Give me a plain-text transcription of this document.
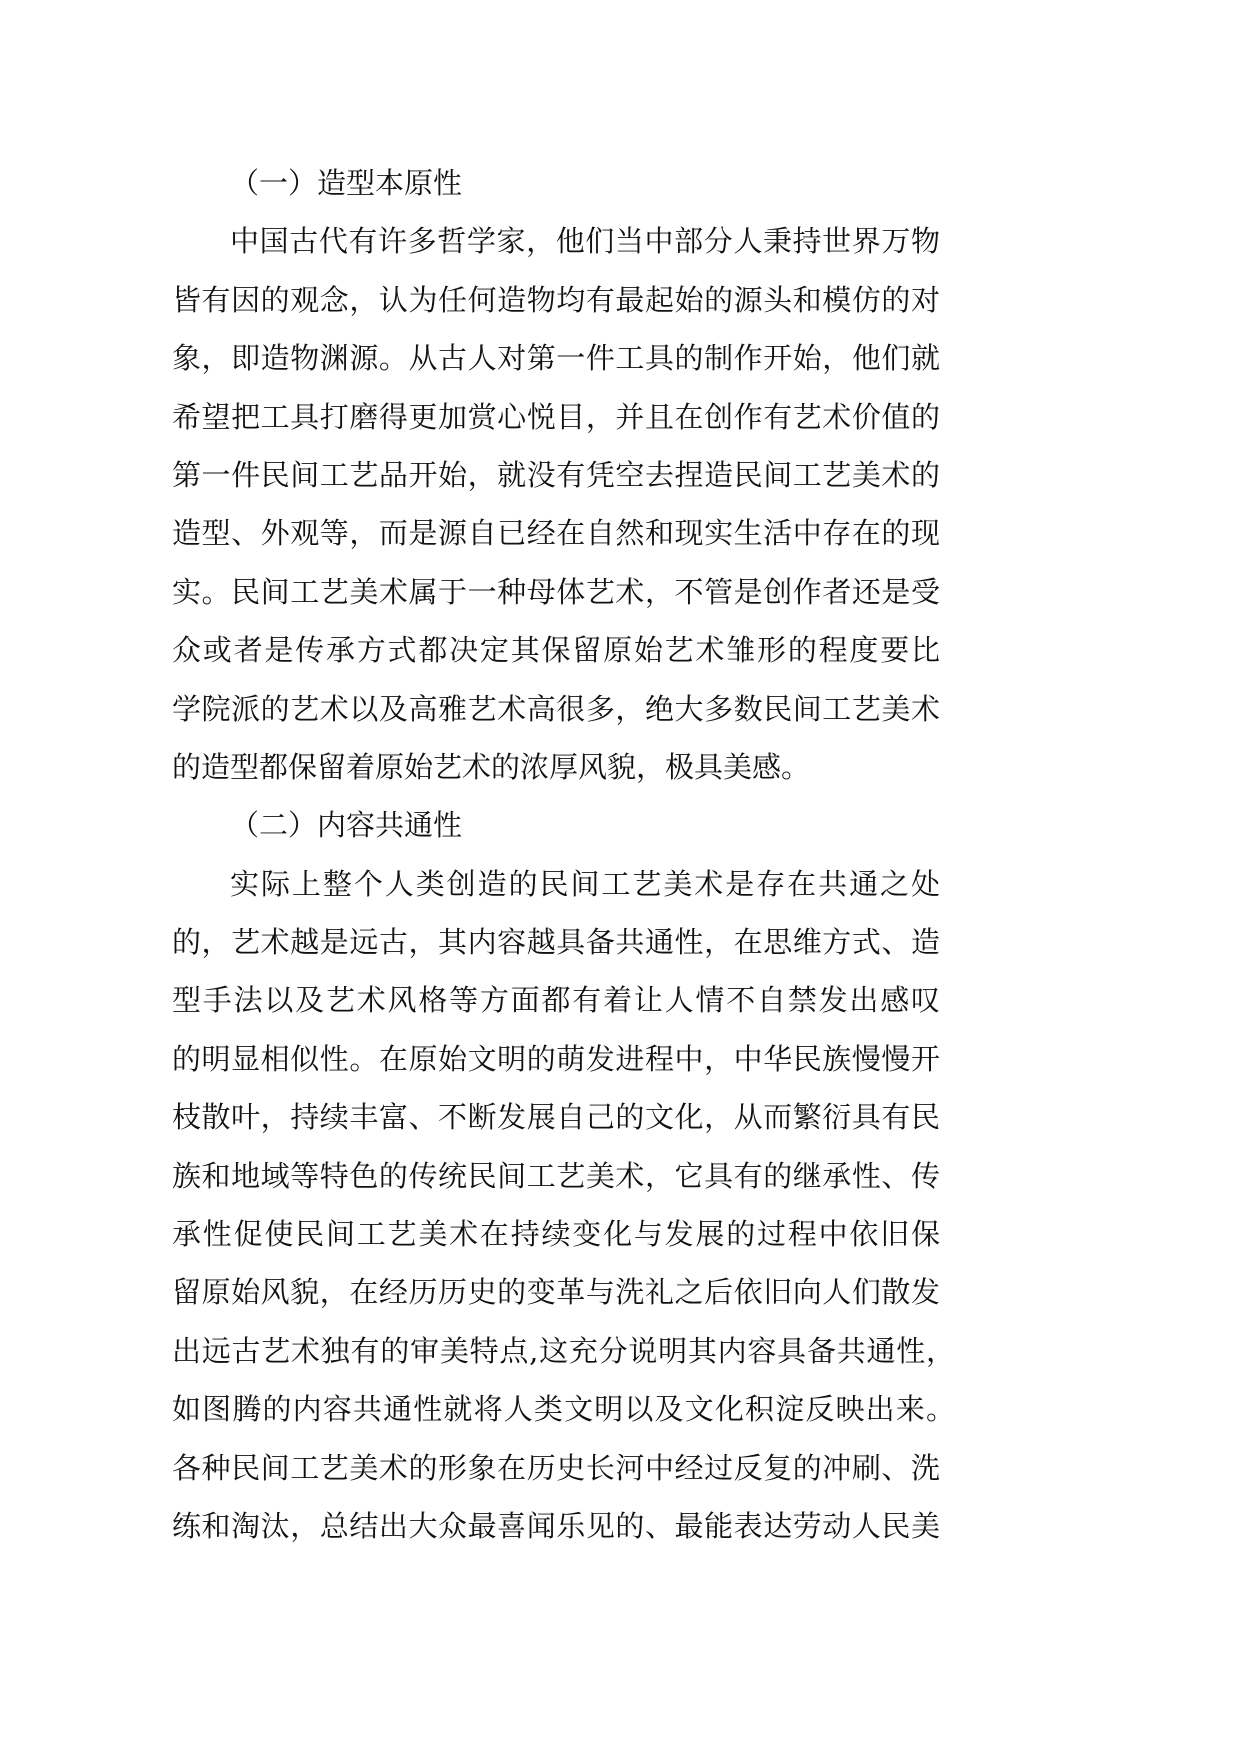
（一）造型本原性
中国古代有许多哲学家，他们当中部分人秉持世界万物
皆有因的观念，认为任何造物均有最起始的源头和模仿的对
象，即造物渊源。从古人对第一件工具的制作开始，他们就
希望把工具打磨得更加赏心悦目，并且在创作有艺术价值的
第一件民间工艺品开始，就没有凭空去捏造民间工艺美术的
造型、外观等，而是源自已经在自然和现实生活中存在的现
实。民间工艺美术属于一种母体艺术，不管是创作者还是受
众或者是传承方式都决定其保留原始艺术雏形的程度要比
学院派的艺术以及高雅艺术高很多，绝大多数民间工艺美术
的造型都保留着原始艺术的浓厚风貌，极具美感。
（二）内容共通性
实际上整个人类创造的民间工艺美术是存在共通之处
的，艺术越是远古，其内容越具备共通性，在思维方式、造
型手法以及艺术风格等方面都有着让人情不自禁发出感叹
的明显相似性。在原始文明的萌发进程中，中华民族慢慢开
枝散叶，持续丰富、不断发展自己的文化，从而繁衍具有民
族和地域等特色的传统民间工艺美术，它具有的继承性、传
承性促使民间工艺美术在持续变化与发展的过程中依旧保
留原始风貌，在经历历史的变革与洗礼之后依旧向人们散发
出远古艺术独有的审美特点,这充分说明其内容具备共通性，
如图腾的内容共通性就将人类文明以及文化积淀反映出来。
各种民间工艺美术的形象在历史长河中经过反复的冲刷、洗
练和淘汰，总结出大众最喜闻乐见的、最能表达劳动人民美
